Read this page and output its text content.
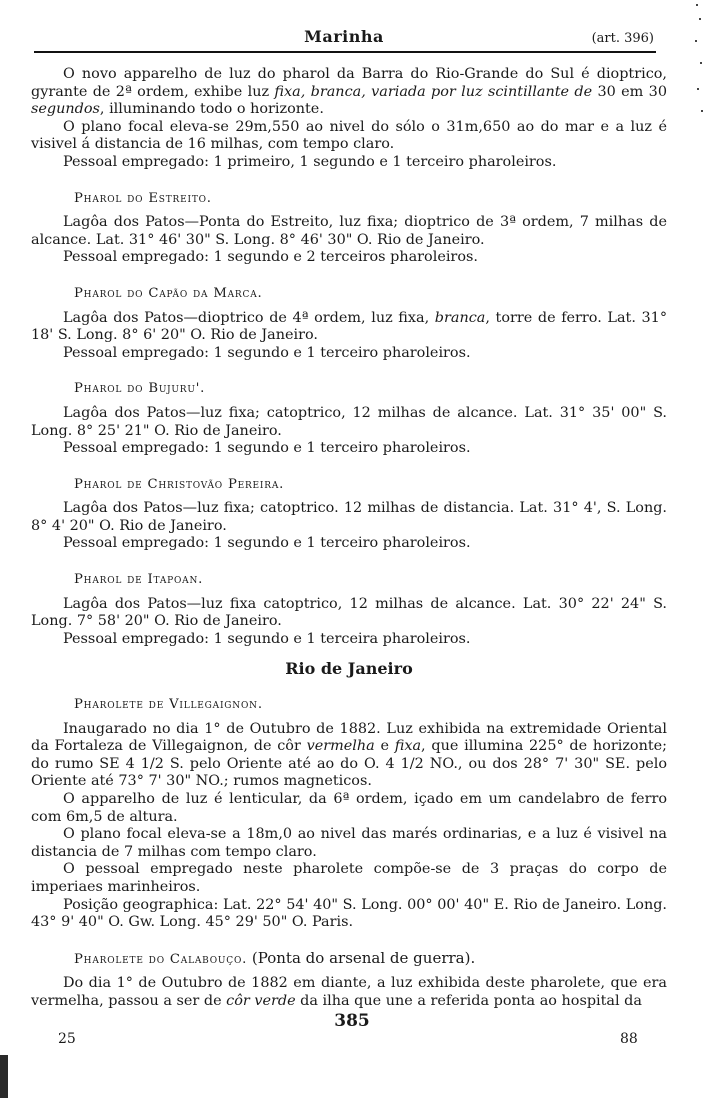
Marinha	(art. 396)

O novo apparelho de luz do pharol da Barra do Rio-Grande do Sul é dioptrico, gyrante de 2ª ordem, exhibe luz fixa, branca, variada por luz scintillante de 30 em 30 segundos, illuminando todo o horizonte.

O plano focal eleva-se 29m,550 ao nivel do sólo o 31m,650 ao do mar e a luz é visivel á distancia de 16 milhas, com tempo claro.

Pessoal empregado: 1 primeiro, 1 segundo e 1 terceiro pharoleiros.

Pharol do Estreito.

Lagôa dos Patos—Ponta do Estreito, luz fixa; dioptrico de 3ª ordem, 7 milhas de alcance. Lat. 31° 46' 30" S. Long. 8° 46' 30" O. Rio de Janeiro.

Pessoal empregado: 1 segundo e 2 terceiros pharoleiros.

Pharol do Capão da Marca.

Lagôa dos Patos—dioptrico de 4ª ordem, luz fixa, branca, torre de ferro. Lat. 31° 18' S. Long. 8° 6' 20" O. Rio de Janeiro.

Pessoal empregado: 1 segundo e 1 terceiro pharoleiros.

Pharol do Bujuru'.

Lagôa dos Patos—luz fixa; catoptrico, 12 milhas de alcance. Lat. 31° 35' 00" S. Long. 8° 25' 21" O. Rio de Janeiro.

Pessoal empregado: 1 segundo e 1 terceiro pharoleiros.

Pharol de Christovão Pereira.

Lagôa dos Patos—luz fixa; catoptrico. 12 milhas de distancia. Lat. 31° 4', S. Long. 8° 4' 20" O. Rio de Janeiro.

Pessoal empregado: 1 segundo e 1 terceiro pharoleiros.

Pharol de Itapoan.

Lagôa dos Patos—luz fixa catoptrico, 12 milhas de alcance. Lat. 30° 22' 24" S. Long. 7° 58' 20" O. Rio de Janeiro.

Pessoal empregado: 1 segundo e 1 terceira pharoleiros.

Rio de Janeiro
Pharolete de Villegaignon.

Inaugarado no dia 1° de Outubro de 1882. Luz exhibida na extremidade Oriental da Fortaleza de Villegaignon, de côr vermelha e fixa, que illumina 225° de horizonte; do rumo SE 4 1/2 S. pelo Oriente até ao do O. 4 1/2 NO., ou dos 28° 7' 30" SE. pelo Oriente até 73° 7' 30" NO.; rumos magneticos.

O apparelho de luz é lenticular, da 6ª ordem, içado em um candelabro de ferro com 6m,5 de altura.

O plano focal eleva-se a 18m,0 ao nivel das marés ordinarias, e a luz é visivel na distancia de 7 milhas com tempo claro.

O pessoal empregado neste pharolete compõe-se de 3 praças do corpo de imperiaes marinheiros.

Posição geographica: Lat. 22° 54' 40" S. Long. 00° 00' 40" E. Rio de Janeiro. Long. 43° 9' 40" O. Gw. Long. 45° 29' 50" O. Paris.

Pharolete do Calabouço. (Ponta do arsenal de guerra).

Do dia 1° de Outubro de 1882 em diante, a luz exhibida deste pharolete, que era vermelha, passou a ser de côr verde da ilha que une a referida ponta ao hospital da

385
25	88
